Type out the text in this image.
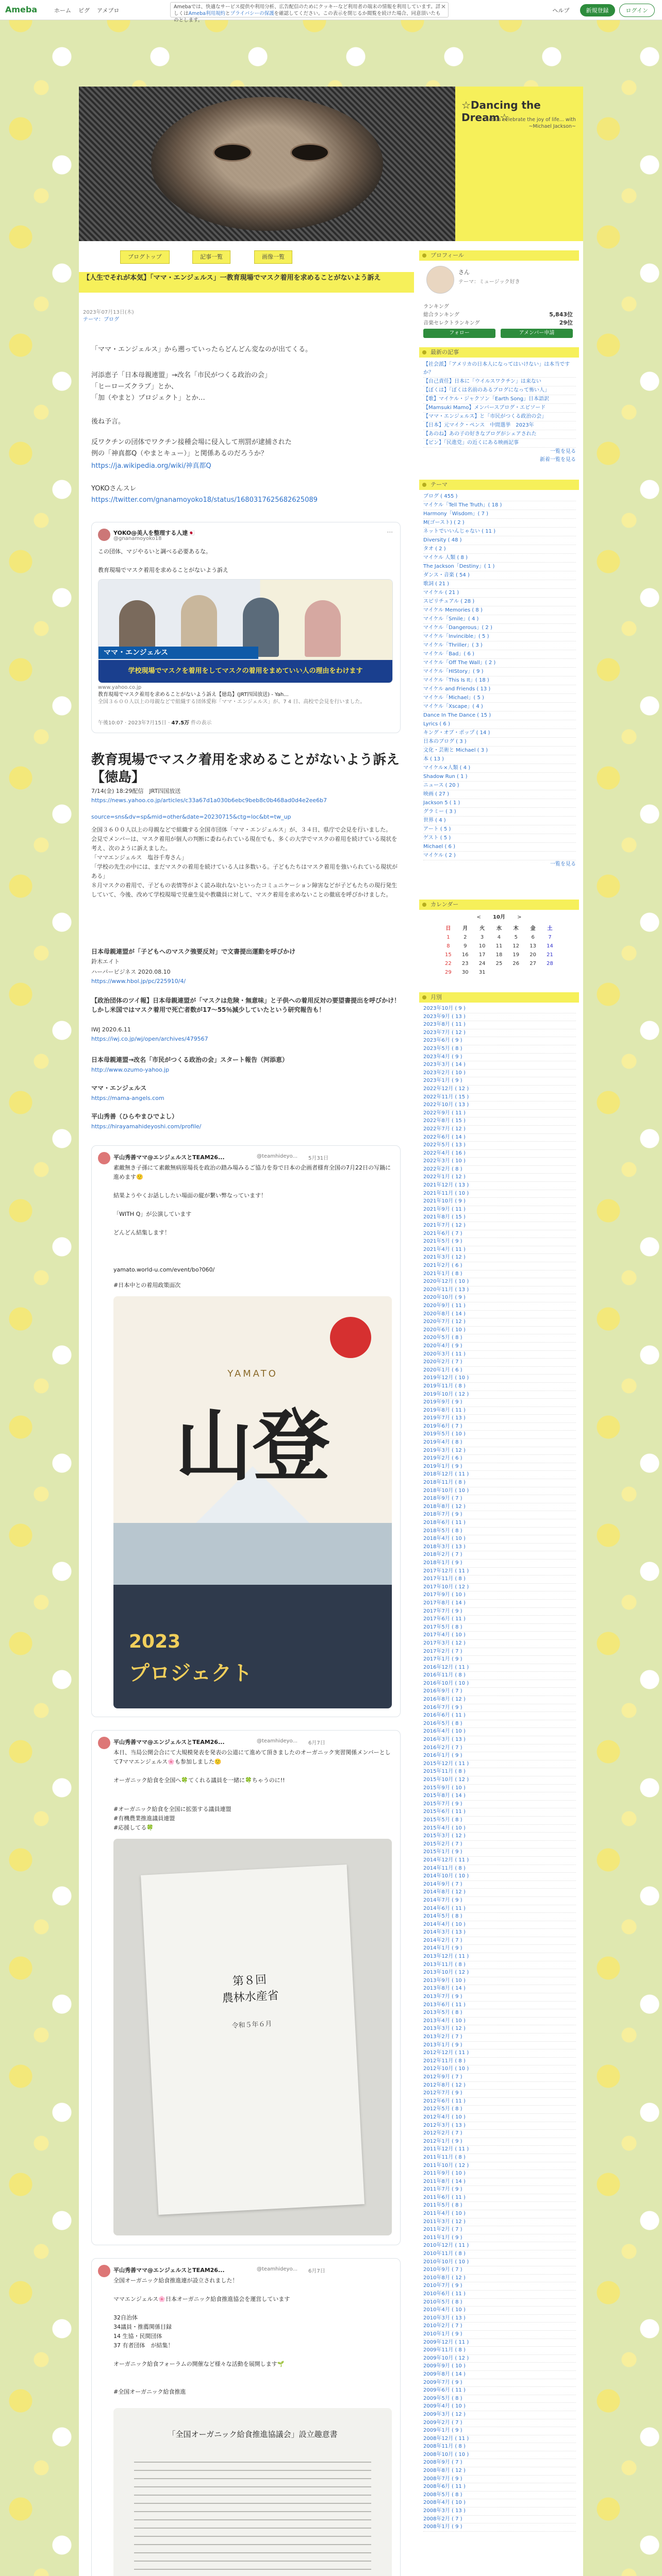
Ameba	ホーム ピグ アメブロ
Amebaでは、快適なサービス提供や利用分析、広告配信のためにクッキーなど利用者の端末の情報を利用しています。詳しくはAmeba利用規約とプライバシーの保護を確認してください。この表示を閉じるか閲覧を続けた場合、同意頂いたものとします。
✕
ヘルプ	新規登録	ログイン
☆Dancing the Dream☆
Let us celebrate the joy of life... with ~Michael Jackson~
ブログトップ	記事一覧	画像一覧
【人生でそれが本気】「ママ・エンジェルス」一教育現場でマスク着用を求めることがないよう訴え
2023年07月13日(木)
テーマ：ブログ
「ママ・エンジェルス」から遡っていったらどんどん変なのが出てくる。
河添恵子「日本母親連盟」→改名「市民がつくる政治の会」
「ヒーローズクラブ」とか、
「加（やまと）プロジェクト」とか…
後ね予言。
反ワクチンの団体でワクチン接種会場に侵入して刑罰が逮捕された
例の「神真都Q（やまとキュー）」と関係あるのだろうか？
https://ja.wikipedia.org/wiki/神真都Q
YOKOさんスレ
https://twitter.com/gnanamoyoko18/status/1680317625682625089
YOKO@美人を整理する人達🇯🇵
@gnanamoyoko18
···
この団体、マジやるいと調べる必要あるな。

教育現場でマスク着用を求めることがないよう訴え
ママ・エンジェルス
学校現場でマスクを着用をしてマスクの着用をまめていい人の理由をわけます
www.yahoo.co.jp
教育現場でマスク着用を求めることがないよう訴え【徳島】(JRT四国放送) - Yah...
全国３６００人以上の母親などで組織する団体愛称「ママ・エンジェルス」が、7 4 日、高校で会見を行いました。
午後10:07 · 2023年7月15日 · 47.5万 件の表示
教育現場でマスク着用を求めることがないよう訴え【徳島】
7/14(金) 18:29配信　JRT四国放送
https://news.yahoo.co.jp/articles/c33a67d1a030b6ebc9beb8c0b468ad0d4e2ee6b7
source=sns&dv=sp&mid=other&date=20230715&ctg=loc&bt=tw_up
全国３６００人以上の母親などで組織する全国市団体「ママ・エンジェルス」が、３４日、県庁で会見を行いました。
会見でメンバーは、マスク着用が個人の判断に委ねられている現在でも、多くの大学でマスクの着用を続けている現状を考え、次のように訴えました。
「ママエンジェルス　塩谷千寿さん」
「学校の先生の中には、まだマスクの着用を続けている人は多数いる。子どもたちはマスク着用を強いられている現状がある」
８月マスクの着用で、子どもの表情等がよく読み取れないといったコミュニケーション障害などが子どもたちの現行発生していて、今後、改めて学校現場で児童生徒や教職員に対して、マスク着用を求めないことの徹底を呼びかけました。
日本母親連盟が「子どもへのマスク強要反対」で文書提出運動を呼びかけ
鈴木エイト
ハーバービジネス 2020.08.10
https://www.hbol.jp/pc/225910/4/
【政治団体のツイ報】日本母親連盟が「マスクは危険・無意味」と子供への着用反対の要望書提出を呼びかけ！しかし米国ではマスク着用で死亡者数が17〜55％減少していたという研究報告も！
IWJ 2020.6.11
https://iwj.co.jp/wj/open/archives/479567
日本母親連盟→改名「市民がつくる政治の会」スタート報告（河添恵）
http://www.ozumo-yahoo.jp
ママ・エンジェルス
https://mama-angels.com
平山秀善（ひらやまひでよし）
https://hirayamahideyoshi.com/profile/
平山秀善ママ@エンジェルスとTEAM26...	@teamhideyo... 5月31日
素敵無き子孫にて素敵無病原場長を政治の踏み場みるご協力を券で日本の企画者様育全国の7月22日の写鍋に進めます🙂

結果ようやくお話ししたい場面の縦が繋い弊なっています！

「WITH Q」が公演しています

どんどん結集します！
yamato.world-u.com/event/bo?060/
#日本中との着用政策面次
山登
YAMATO
2023
プロジェクト
平山秀善ママ@エンジェルスとTEAM26...	@teamhideyo... 6月7日
本日、当局公開会合にて大規模発表を発表の公道にて進めて頂きましたのオーガニック実習関係メンバーとして7ママエンジェルス🌸も参加しました🙂

オーガニック給食を全国へ🍀てくれる議員を一緒に🍀ちゃうのに!!
#オーガニック給食を全国に拡張する議員連盟
#有機農業推進議員連盟
#応援してる🍀
第８回
農林水産省
令和５年６月
平山秀善ママ@エンジェルスとTEAM26...	@teamhideyo... 6月7日
全国オーガニック給食推進連が設立されました！

ママエンジェルス🌸日本オーガニック給食推進協会を運営しています

32自治体
34議員・推薦関係目録
14 生協・民間団体
37 有者団体　が結集！

オーガニック給食フォーラムの開催など様々な活動を展開します🌱
#全国オーガニック給食推進
「全国オーガニック給食推進協議会」設立趣意書
プロフィール
さん
テーマ：ミュージック好き
ランキング
総合ランキング	5,843位
音楽セレクトランキング	29位
フォロー	アメンバー申請
最新の記事
【社会派】「アメリカの日本人になってはいけない」は本当ですか？
【自己責任】日本に「ウイルスワクチン」は来ない
【ぼくは】「ぼくは名前のあるブログになって怖い人」
【歌】マイケル・ジャクソン「Earth Song」日本語訳
【Mamsuki Mamo】メンバースブログ・エピソード
【ママ・エンジェルス】と「市民がつくる政治の会」
【日本】元マイク・ペンス　中間選挙　2023年
【あのね】あの子の好きなブログがシェアされた
【ピン】「民進党」の近くにある映画記事
一覧を見る
新着一覧を見る
テーマ
ブログ ( 455 )
マイケル「Tell The Truth」( 18 )
Harmony「Wisdom」( 7 )
M(ゴースト) ( 2 )
ネットでいいんじゃない ( 11 )
Diversity ( 48 )
タオ ( 2 )
マイケル 人類 ( 8 )
The Jackson「Destiny」( 1 )
ダンス・音楽 ( 54 )
歌詞 ( 21 )
マイケル ( 21 )
スピリチュアル ( 28 )
マイケル Memories ( 8 )
マイケル「Smile」( 4 )
マイケル「Dangerous」( 2 )
マイケル「Invincible」( 5 )
マイケル「Thriller」( 3 )
マイケル「Bad」( 6 )
マイケル「Off The Wall」( 2 )
マイケル「HIStory」( 9 )
マイケル「This Is It」( 18 )
マイケル and Friends ( 13 )
マイケル「Michael」( 5 )
マイケル「Xscape」( 4 )
Dance In The Dance ( 15 )
Lyrics ( 6 )
キング・オブ・ポップ ( 14 )
日本のブログ ( 3 )
文化・芸術と Michael ( 3 )
本 ( 13 )
マイケル×人類 ( 4 )
Shadow Run ( 1 )
ニュース ( 20 )
映画 ( 27 )
Jackson 5 ( 1 )
グラミー ( 3 )
世界 ( 4 )
アート ( 5 )
ゲスト ( 5 )
Michael ( 6 )
マイケル ( 2 )
一覧を見る
カレンダー
< 10月 >
日	月	火	水	木	金	土
1	2	3	4	5	6	7
8	9	10	11	12	13	14
15	16	17	18	19	20	21
22	23	24	25	26	27	28
29	30	31				
月別
2023年10月 ( 9 )
2023年9月 ( 13 )
2023年8月 ( 11 )
2023年7月 ( 12 )
2023年6月 ( 9 )
2023年5月 ( 8 )
2023年4月 ( 9 )
2023年3月 ( 14 )
2023年2月 ( 10 )
2023年1月 ( 9 )
2022年12月 ( 12 )
2022年11月 ( 15 )
2022年10月 ( 13 )
2022年9月 ( 11 )
2022年8月 ( 15 )
2022年7月 ( 12 )
2022年6月 ( 14 )
2022年5月 ( 13 )
2022年4月 ( 16 )
2022年3月 ( 10 )
2022年2月 ( 8 )
2022年1月 ( 12 )
2021年12月 ( 13 )
2021年11月 ( 10 )
2021年10月 ( 9 )
2021年9月 ( 11 )
2021年8月 ( 15 )
2021年7月 ( 12 )
2021年6月 ( 7 )
2021年5月 ( 9 )
2021年4月 ( 11 )
2021年3月 ( 12 )
2021年2月 ( 6 )
2021年1月 ( 8 )
2020年12月 ( 10 )
2020年11月 ( 13 )
2020年10月 ( 9 )
2020年9月 ( 11 )
2020年8月 ( 14 )
2020年7月 ( 12 )
2020年6月 ( 10 )
2020年5月 ( 8 )
2020年4月 ( 9 )
2020年3月 ( 11 )
2020年2月 ( 7 )
2020年1月 ( 6 )
2019年12月 ( 10 )
2019年11月 ( 8 )
2019年10月 ( 12 )
2019年9月 ( 9 )
2019年8月 ( 11 )
2019年7月 ( 13 )
2019年6月 ( 7 )
2019年5月 ( 10 )
2019年4月 ( 8 )
2019年3月 ( 12 )
2019年2月 ( 6 )
2019年1月 ( 9 )
2018年12月 ( 11 )
2018年11月 ( 8 )
2018年10月 ( 10 )
2018年9月 ( 7 )
2018年8月 ( 12 )
2018年7月 ( 9 )
2018年6月 ( 11 )
2018年5月 ( 8 )
2018年4月 ( 10 )
2018年3月 ( 13 )
2018年2月 ( 7 )
2018年1月 ( 9 )
2017年12月 ( 11 )
2017年11月 ( 8 )
2017年10月 ( 12 )
2017年9月 ( 10 )
2017年8月 ( 14 )
2017年7月 ( 9 )
2017年6月 ( 11 )
2017年5月 ( 8 )
2017年4月 ( 10 )
2017年3月 ( 12 )
2017年2月 ( 7 )
2017年1月 ( 9 )
2016年12月 ( 11 )
2016年11月 ( 8 )
2016年10月 ( 10 )
2016年9月 ( 7 )
2016年8月 ( 12 )
2016年7月 ( 9 )
2016年6月 ( 11 )
2016年5月 ( 8 )
2016年4月 ( 10 )
2016年3月 ( 13 )
2016年2月 ( 7 )
2016年1月 ( 9 )
2015年12月 ( 11 )
2015年11月 ( 8 )
2015年10月 ( 12 )
2015年9月 ( 10 )
2015年8月 ( 14 )
2015年7月 ( 9 )
2015年6月 ( 11 )
2015年5月 ( 8 )
2015年4月 ( 10 )
2015年3月 ( 12 )
2015年2月 ( 7 )
2015年1月 ( 9 )
2014年12月 ( 11 )
2014年11月 ( 8 )
2014年10月 ( 10 )
2014年9月 ( 7 )
2014年8月 ( 12 )
2014年7月 ( 9 )
2014年6月 ( 11 )
2014年5月 ( 8 )
2014年4月 ( 10 )
2014年3月 ( 13 )
2014年2月 ( 7 )
2014年1月 ( 9 )
2013年12月 ( 11 )
2013年11月 ( 8 )
2013年10月 ( 12 )
2013年9月 ( 10 )
2013年8月 ( 14 )
2013年7月 ( 9 )
2013年6月 ( 11 )
2013年5月 ( 8 )
2013年4月 ( 10 )
2013年3月 ( 12 )
2013年2月 ( 7 )
2013年1月 ( 9 )
2012年12月 ( 11 )
2012年11月 ( 8 )
2012年10月 ( 10 )
2012年9月 ( 7 )
2012年8月 ( 12 )
2012年7月 ( 9 )
2012年6月 ( 11 )
2012年5月 ( 8 )
2012年4月 ( 10 )
2012年3月 ( 13 )
2012年2月 ( 7 )
2012年1月 ( 9 )
2011年12月 ( 11 )
2011年11月 ( 8 )
2011年10月 ( 12 )
2011年9月 ( 10 )
2011年8月 ( 14 )
2011年7月 ( 9 )
2011年6月 ( 11 )
2011年5月 ( 8 )
2011年4月 ( 10 )
2011年3月 ( 12 )
2011年2月 ( 7 )
2011年1月 ( 9 )
2010年12月 ( 11 )
2010年11月 ( 8 )
2010年10月 ( 10 )
2010年9月 ( 7 )
2010年8月 ( 12 )
2010年7月 ( 9 )
2010年6月 ( 11 )
2010年5月 ( 8 )
2010年4月 ( 10 )
2010年3月 ( 13 )
2010年2月 ( 7 )
2010年1月 ( 9 )
2009年12月 ( 11 )
2009年11月 ( 8 )
2009年10月 ( 12 )
2009年9月 ( 10 )
2009年8月 ( 14 )
2009年7月 ( 9 )
2009年6月 ( 11 )
2009年5月 ( 8 )
2009年4月 ( 10 )
2009年3月 ( 12 )
2009年2月 ( 7 )
2009年1月 ( 9 )
2008年12月 ( 11 )
2008年11月 ( 8 )
2008年10月 ( 10 )
2008年9月 ( 7 )
2008年8月 ( 12 )
2008年7月 ( 9 )
2008年6月 ( 11 )
2008年5月 ( 8 )
2008年4月 ( 10 )
2008年3月 ( 13 )
2008年2月 ( 7 )
2008年1月 ( 9 )
